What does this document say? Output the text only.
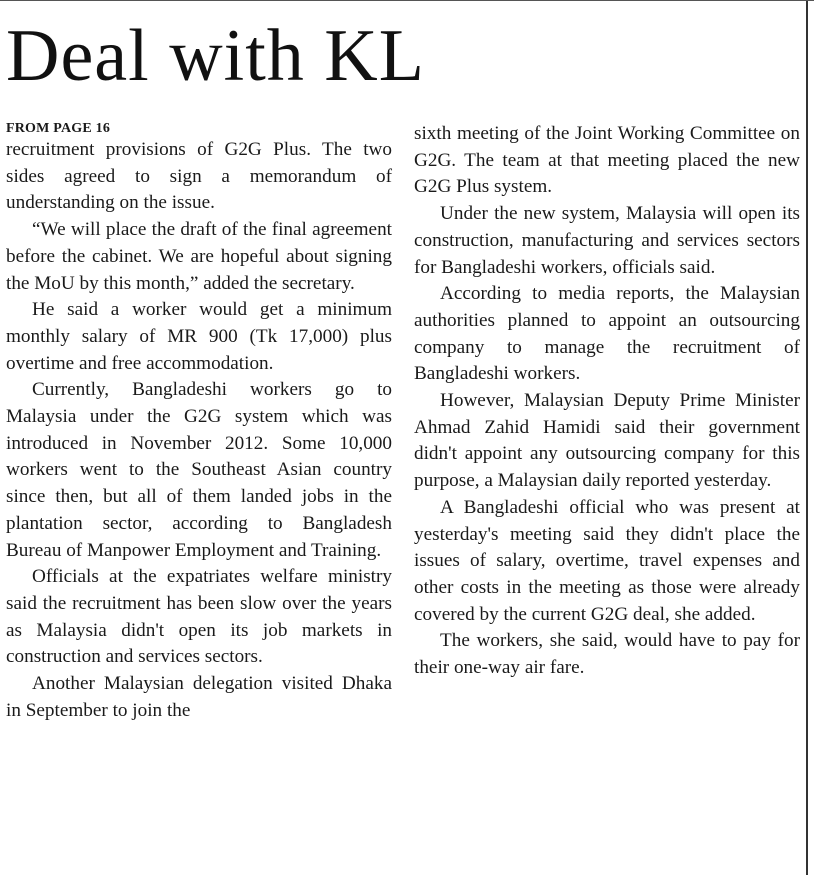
Deal with KL
FROM PAGE 16

recruitment provisions of G2G Plus. The two sides agreed to sign a memorandum of understanding on the issue.

“We will place the draft of the final agreement before the cabinet. We are hopeful about signing the MoU by this month,” added the secretary.

He said a worker would get a minimum monthly salary of MR 900 (Tk 17,000) plus overtime and free accommodation.

Currently, Bangladeshi workers go to Malaysia under the G2G system which was introduced in November 2012. Some 10,000 workers went to the Southeast Asian country since then, but all of them landed jobs in the plantation sector, according to Bangladesh Bureau of Manpower Employment and Training.

Officials at the expatriates welfare ministry said the recruitment has been slow over the years as Malaysia didn't open its job markets in construction and services sectors.

Another Malaysian delegation visited Dhaka in September to join the

sixth meeting of the Joint Working Committee on G2G. The team at that meeting placed the new G2G Plus system.

Under the new system, Malaysia will open its construction, manufacturing and services sectors for Bangladeshi workers, officials said.

According to media reports, the Malaysian authorities planned to appoint an outsourcing company to manage the recruitment of Bangladeshi workers.

However, Malaysian Deputy Prime Minister Ahmad Zahid Hamidi said their government didn't appoint any outsourcing company for this purpose, a Malaysian daily reported yesterday.

A Bangladeshi official who was present at yesterday's meeting said they didn't place the issues of salary, overtime, travel expenses and other costs in the meeting as those were already covered by the current G2G deal, she added.

The workers, she said, would have to pay for their one-way air fare.
